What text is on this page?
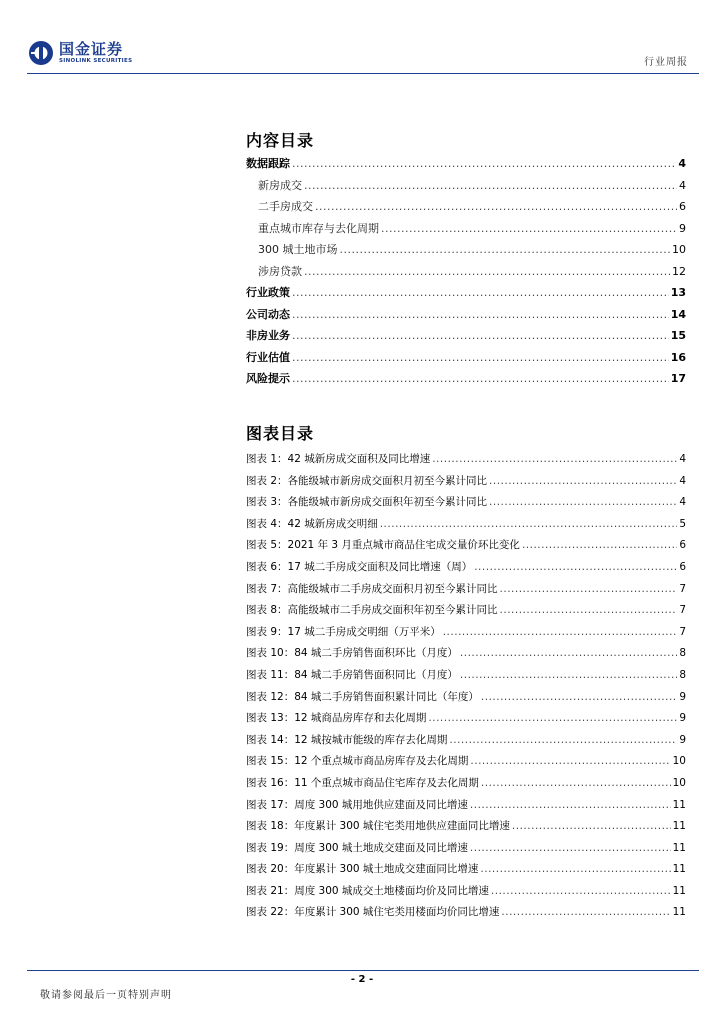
国金证券
SINOLINK SECURITIES	行业周报
内容目录
数据跟踪 .....	4
新房成交 .....	4
二手房成交 .....	6
重点城市库存与去化周期 .....	9
300 城土地市场 .....	10
涉房贷款 .....	12
行业政策 .....	13
公司动态 .....	14
非房业务 .....	15
行业估值 .....	16
风险提示 .....	17
图表目录
图表 1：42 城新房成交面积及同比增速 .....	4
图表 2：各能级城市新房成交面积月初至今累计同比 .....	4
图表 3：各能级城市新房成交面积年初至今累计同比 .....	4
图表 4：42 城新房成交明细 .....	5
图表 5：2021 年 3 月重点城市商品住宅成交量价环比变化 .....	6
图表 6：17 城二手房成交面积及同比增速（周） .....	6
图表 7：高能级城市二手房成交面积月初至今累计同比 .....	7
图表 8：高能级城市二手房成交面积年初至今累计同比 .....	7
图表 9：17 城二手房成交明细（万平米） .....	7
图表 10：84 城二手房销售面积环比（月度） .....	8
图表 11：84 城二手房销售面积同比（月度） .....	8
图表 12：84 城二手房销售面积累计同比（年度） .....	9
图表 13：12 城商品房库存和去化周期 .....	9
图表 14：12 城按城市能级的库存去化周期 .....	9
图表 15：12 个重点城市商品房库存及去化周期 .....	10
图表 16：11 个重点城市商品住宅库存及去化周期 .....	10
图表 17：周度 300 城用地供应建面及同比增速 .....	11
图表 18：年度累计 300 城住宅类用地供应建面同比增速 .....	11
图表 19：周度 300 城土地成交建面及同比增速 .....	11
图表 20：年度累计 300 城土地成交建面同比增速 .....	11
图表 21：周度 300 城成交土地楼面均价及同比增速 .....	11
图表 22：年度累计 300 城住宅类用楼面均价同比增速 .....	11
- 2 -
敬请参阅最后一页特别声明
